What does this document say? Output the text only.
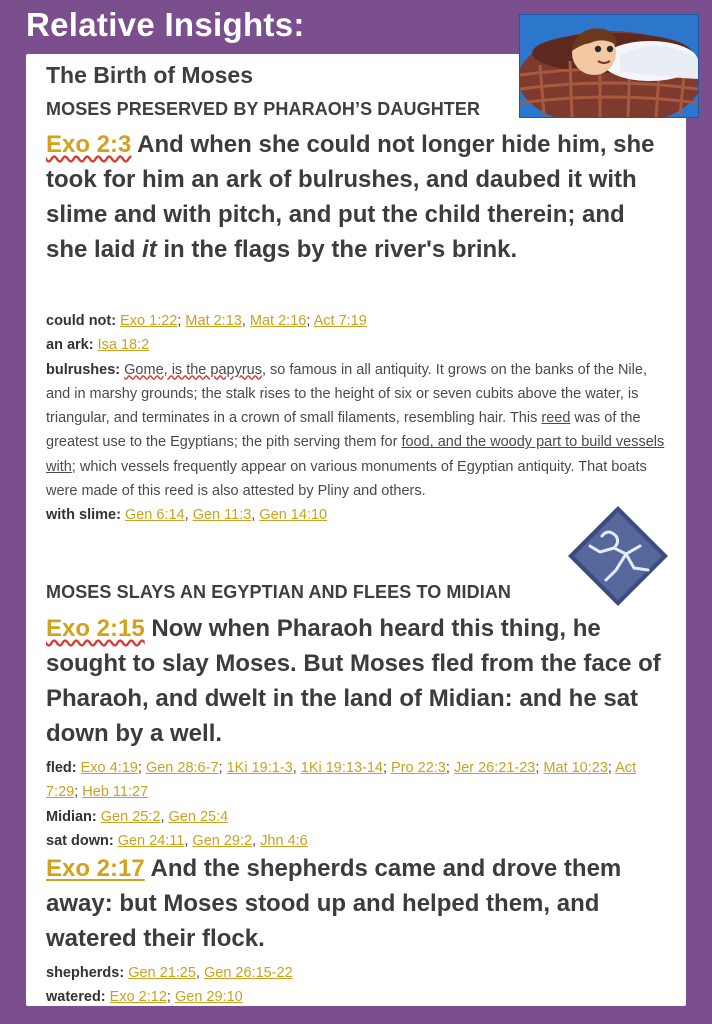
Relative Insights:
The Birth of Moses
MOSES PRESERVED BY PHARAOH’S DAUGHTER
Exo 2:3 And when she could not longer hide him, she took for him an ark of bulrushes, and daubed it with slime and with pitch, and put the child therein; and she laid it in the flags by the river's brink.
could not: Exo 1:22; Mat 2:13, Mat 2:16; Act 7:19
an ark: Isa 18:2
bulrushes: Gome, is the papyrus, so famous in all antiquity. It grows on the banks of the Nile, and in marshy grounds; the stalk rises to the height of six or seven cubits above the water, is triangular, and terminates in a crown of small filaments, resembling hair. This reed was of the greatest use to the Egyptians; the pith serving them for food, and the woody part to build vessels with; which vessels frequently appear on various monuments of Egyptian antiquity. That boats were made of this reed is also attested by Pliny and others.
with slime: Gen 6:14, Gen 11:3, Gen 14:10
MOSES SLAYS AN EGYPTIAN AND FLEES TO MIDIAN
Exo 2:15 Now when Pharaoh heard this thing, he sought to slay Moses. But Moses fled from the face of Pharaoh, and dwelt in the land of Midian: and he sat down by a well.
fled: Exo 4:19; Gen 28:6-7; 1Ki 19:1-3, 1Ki 19:13-14; Pro 22:3; Jer 26:21-23; Mat 10:23; Act 7:29; Heb 11:27
Midian: Gen 25:2, Gen 25:4
sat down: Gen 24:11, Gen 29:2, Jhn 4:6
Exo 2:17 And the shepherds came and drove them away: but Moses stood up and helped them, and watered their flock.
shepherds: Gen 21:25, Gen 26:15-22
watered: Exo 2:12; Gen 29:10
